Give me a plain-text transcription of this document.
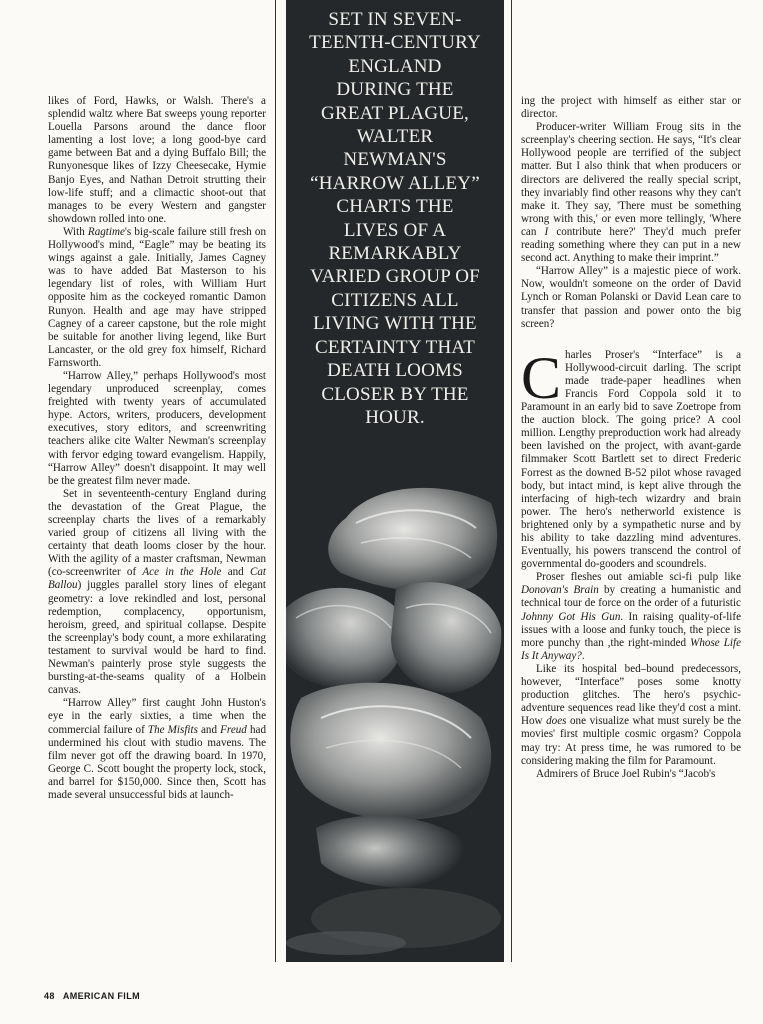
likes of Ford, Hawks, or Walsh. There's a splendid waltz where Bat sweeps young reporter Louella Parsons around the dance floor lamenting a lost love; a long good-bye card game between Bat and a dying Buffalo Bill; the Runyonesque likes of Izzy Cheesecake, Hymie Banjo Eyes, and Nathan Detroit strutting their low-life stuff; and a climactic shoot-out that manages to be every Western and gangster showdown rolled into one.

With Ragtime's big-scale failure still fresh on Hollywood's mind, “Eagle” may be beating its wings against a gale. Initially, James Cagney was to have added Bat Masterson to his legendary list of roles, with William Hurt opposite him as the cockeyed romantic Damon Runyon. Health and age may have stripped Cagney of a career capstone, but the role might be suitable for another living legend, like Burt Lancaster, or the old grey fox himself, Richard Farnsworth.

“Harrow Alley,” perhaps Hollywood's most legendary unproduced screenplay, comes freighted with twenty years of accumulated hype. Actors, writers, producers, development executives, story editors, and screenwriting teachers alike cite Walter Newman's screenplay with fervor edging toward evangelism. Happily, “Harrow Alley” doesn't disappoint. It may well be the greatest film never made.

Set in seventeenth-century England during the devastation of the Great Plague, the screenplay charts the lives of a remarkably varied group of citizens all living with the certainty that death looms closer by the hour. With the agility of a master craftsman, Newman (co-screenwriter of Ace in the Hole and Cat Ballou) juggles parallel story lines of elegant geometry: a love rekindled and lost, personal redemption, complacency, opportunism, heroism, greed, and spiritual collapse. Despite the screenplay's body count, a more exhilarating testament to survival would be hard to find. Newman's painterly prose style suggests the bursting-at-the-seams quality of a Holbein canvas.

“Harrow Alley” first caught John Huston's eye in the early sixties, a time when the commercial failure of The Misfits and Freud had undermined his clout with studio mavens. The film never got off the drawing board. In 1970, George C. Scott bought the property lock, stock, and barrel for $150,000. Since then, Scott has made several unsuccessful bids at launch-

SET IN SEVEN-
TEENTH-CENTURY
ENGLAND
DURING THE
GREAT PLAGUE,
WALTER
NEWMAN'S
“HARROW ALLEY”
CHARTS THE
LIVES OF A
REMARKABLY
VARIED GROUP OF
CITIZENS ALL
LIVING WITH THE
CERTAINTY THAT
DEATH LOOMS
CLOSER BY THE
HOUR.

ing the project with himself as either star or director.

Producer-writer William Froug sits in the screenplay's cheering section. He says, “It's clear Hollywood people are terrified of the subject matter. But I also think that when producers or directors are delivered the really special script, they invariably find other reasons why they can't make it. They say, 'There must be something wrong with this,' or even more tellingly, 'Where can I contribute here?' They'd much prefer reading something where they can put in a new second act. Anything to make their imprint.”

“Harrow Alley” is a majestic piece of work. Now, wouldn't someone on the order of David Lynch or Roman Polanski or David Lean care to transfer that passion and power onto the big screen?

Charles Proser's “Interface” is a Hollywood-circuit darling. The script made trade-paper headlines when Francis Ford Coppola sold it to Paramount in an early bid to save Zoetrope from the auction block. The going price? A cool million. Lengthy preproduction work had already been lavished on the project, with avant-garde filmmaker Scott Bartlett set to direct Frederic Forrest as the downed B-52 pilot whose ravaged body, but intact mind, is kept alive through the interfacing of high-tech wizardry and brain power. The hero's netherworld existence is brightened only by a sympathetic nurse and by his ability to take dazzling mind adventures. Eventually, his powers transcend the control of governmental do-gooders and scoundrels.

Proser fleshes out amiable sci-fi pulp like Donovan's Brain by creating a humanistic and technical tour de force on the order of a futuristic Johnny Got His Gun. In raising quality-of-life issues with a loose and funky touch, the piece is more punchy than ,the right-minded Whose Life Is It Anyway?.

Like its hospital bed–bound predecessors, however, “Interface” poses some knotty production glitches. The hero's psychic-adventure sequences read like they'd cost a mint. How does one visualize what must surely be the movies' first multiple cosmic orgasm? Coppola may try: At press time, he was rumored to be considering making the film for Paramount.

Admirers of Bruce Joel Rubin's “Jacob's

48 AMERICAN FILM
